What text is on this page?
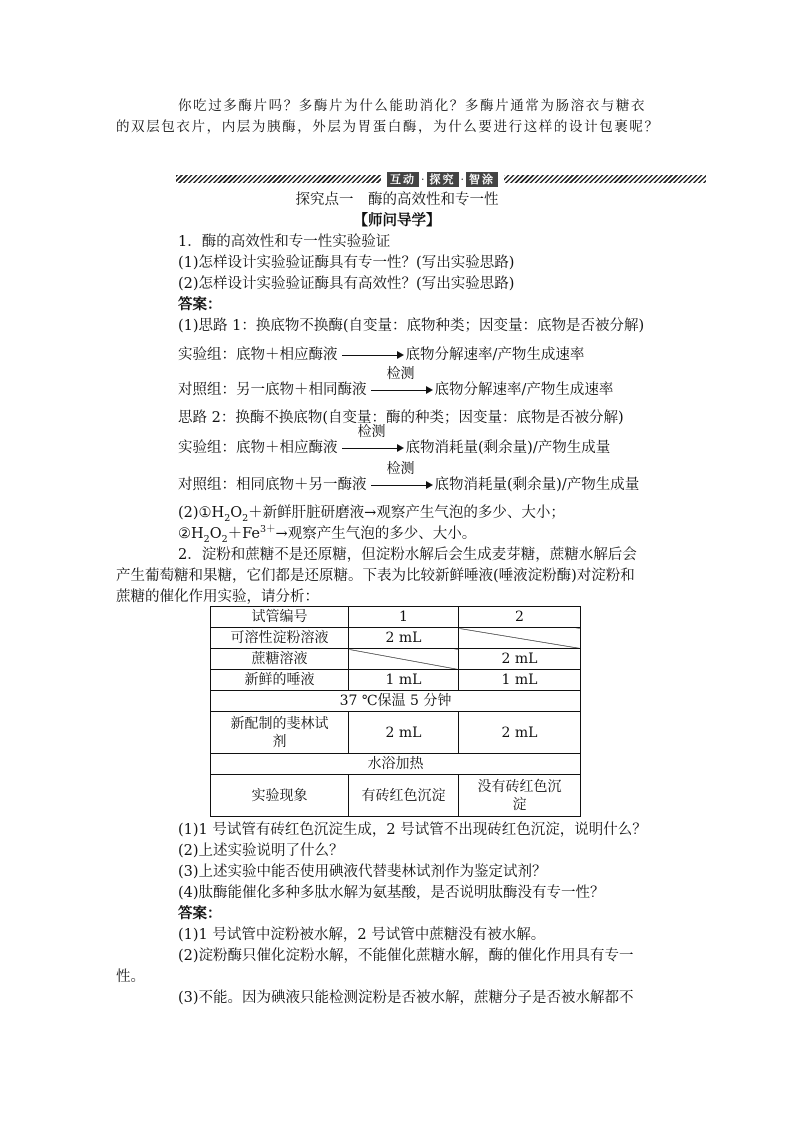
你吃过多酶片吗？多酶片为什么能助消化？多酶片通常为肠溶衣与糖衣
的双层包衣片，内层为胰酶，外层为胃蛋白酶，为什么要进行这样的设计包裹呢？
互动 · 探究 · 智涂
探究点一　酶的高效性和专一性
【师问导学】
1．酶的高效性和专一性实验验证
(1)怎样设计实验验证酶具有专一性？(写出实验思路)
(2)怎样设计实验验证酶具有高效性？(写出实验思路)
答案：
(1)思路 1：换底物不换酶(自变量：底物种类；因变量：底物是否被分解)
实验组：底物＋相应酶液	底物分解速率/产物生成速率
对照组：另一底物＋相同酶液
检测
底物分解速率/产物生成速率
思路 2：换酶不换底物(自变量：酶的种类；因变量：底物是否被分解)
实验组：底物＋相应酶液
检测
底物消耗量(剩余量)/产物生成量
对照组：相同底物＋另一酶液
检测
底物消耗量(剩余量)/产物生成量
$(2)①H_2O_2+$新鲜肝脏研磨液→观察产生气泡的多少、大小；
$②H_2O_2+Fe^{3+}\to$观察产生气泡的多少、大小。
2．淀粉和蔗糖不是还原糖，但淀粉水解后会生成麦芽糖，蔗糖水解后会
产生葡萄糖和果糖，它们都是还原糖。下表为比较新鲜唾液(唾液淀粉酶)对淀粉和
蔗糖的催化作用实验，请分析：
试管编号	1	2
可溶性淀粉溶液	2 mL	
蔗糖溶液		2 mL
新鲜的唾液	1 mL	1 mL
37 ℃保温 5 分钟		
新配制的斐林试
剂	2 mL	2 mL
水浴加热		
实验现象	有砖红色沉淀	没有砖红色沉
淀
(1)1 号试管有砖红色沉淀生成，2 号试管不出现砖红色沉淀，说明什么？
(2)上述实验说明了什么？
(3)上述实验中能否使用碘液代替斐林试剂作为鉴定试剂？
(4)肽酶能催化多种多肽水解为氨基酸，是否说明肽酶没有专一性？
答案：
(1)1 号试管中淀粉被水解，2 号试管中蔗糖没有被水解。
(2)淀粉酶只催化淀粉水解，不能催化蔗糖水解，酶的催化作用具有专一
性。
(3)不能。因为碘液只能检测淀粉是否被水解，蔗糖分子是否被水解都不
